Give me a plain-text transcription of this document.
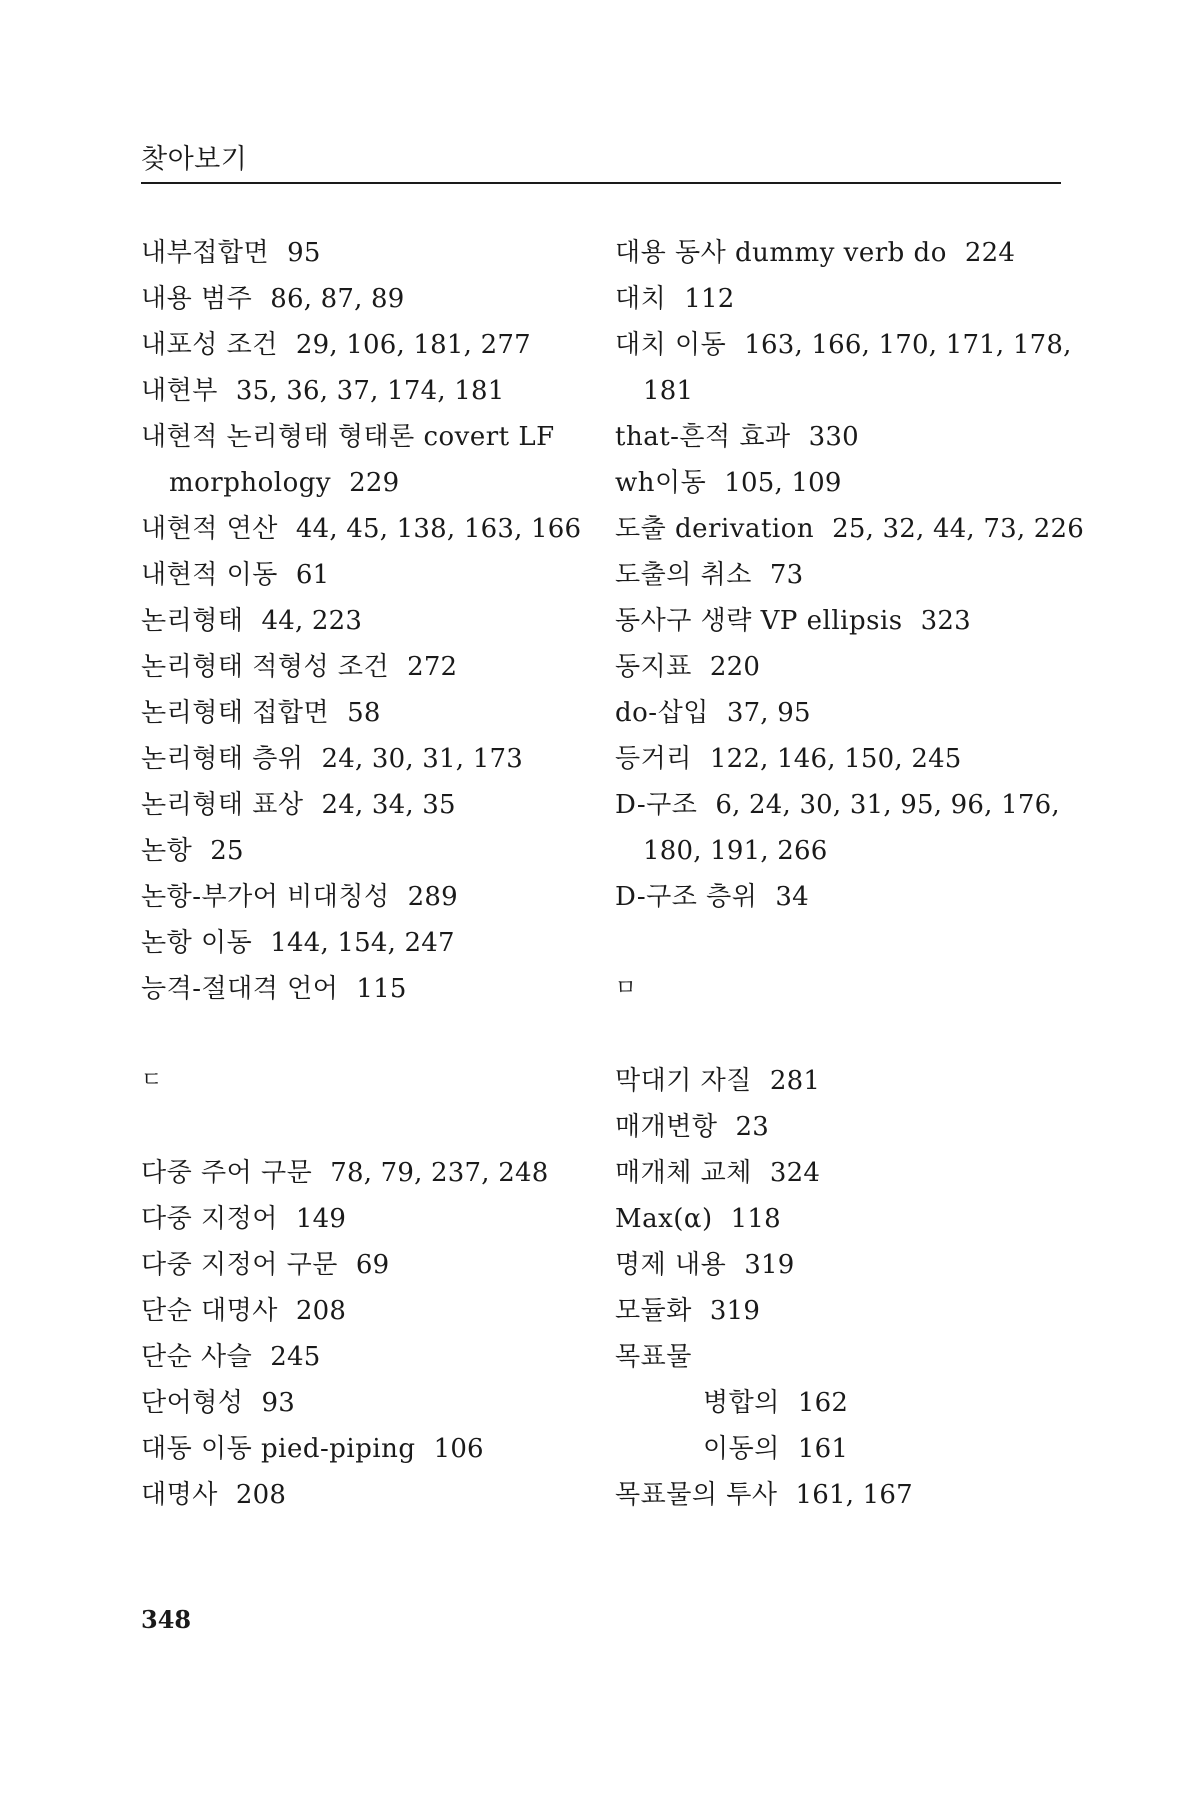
찾아보기
내부접합면 95
내용 범주 86, 87, 89
내포성 조건 29, 106, 181, 277
내현부 35, 36, 37, 174, 181
내현적 논리형태 형태론 covert LF
morphology 229
내현적 연산 44, 45, 138, 163, 166
내현적 이동 61
논리형태 44, 223
논리형태 적형성 조건 272
논리형태 접합면 58
논리형태 층위 24, 30, 31, 173
논리형태 표상 24, 34, 35
논항 25
논항-부가어 비대칭성 289
논항 이동 144, 154, 247
능격-절대격 언어 115
ㄷ
다중 주어 구문 78, 79, 237, 248
다중 지정어 149
다중 지정어 구문 69
단순 대명사 208
단순 사슬 245
단어형성 93
대동 이동 pied-piping 106
대명사 208
대용 동사 dummy verb do 224
대치 112
대치 이동 163, 166, 170, 171, 178,
181
that-흔적 효과 330
wh이동 105, 109
도출 derivation 25, 32, 44, 73, 226
도출의 취소 73
동사구 생략 VP ellipsis 323
동지표 220
do-삽입 37, 95
등거리 122, 146, 150, 245
D-구조 6, 24, 30, 31, 95, 96, 176,
180, 191, 266
D-구조 층위 34
ㅁ
막대기 자질 281
매개변항 23
매개체 교체 324
Max(α) 118
명제 내용 319
모듈화 319
목표물
병합의 162
이동의 161
목표물의 투사 161, 167
348
